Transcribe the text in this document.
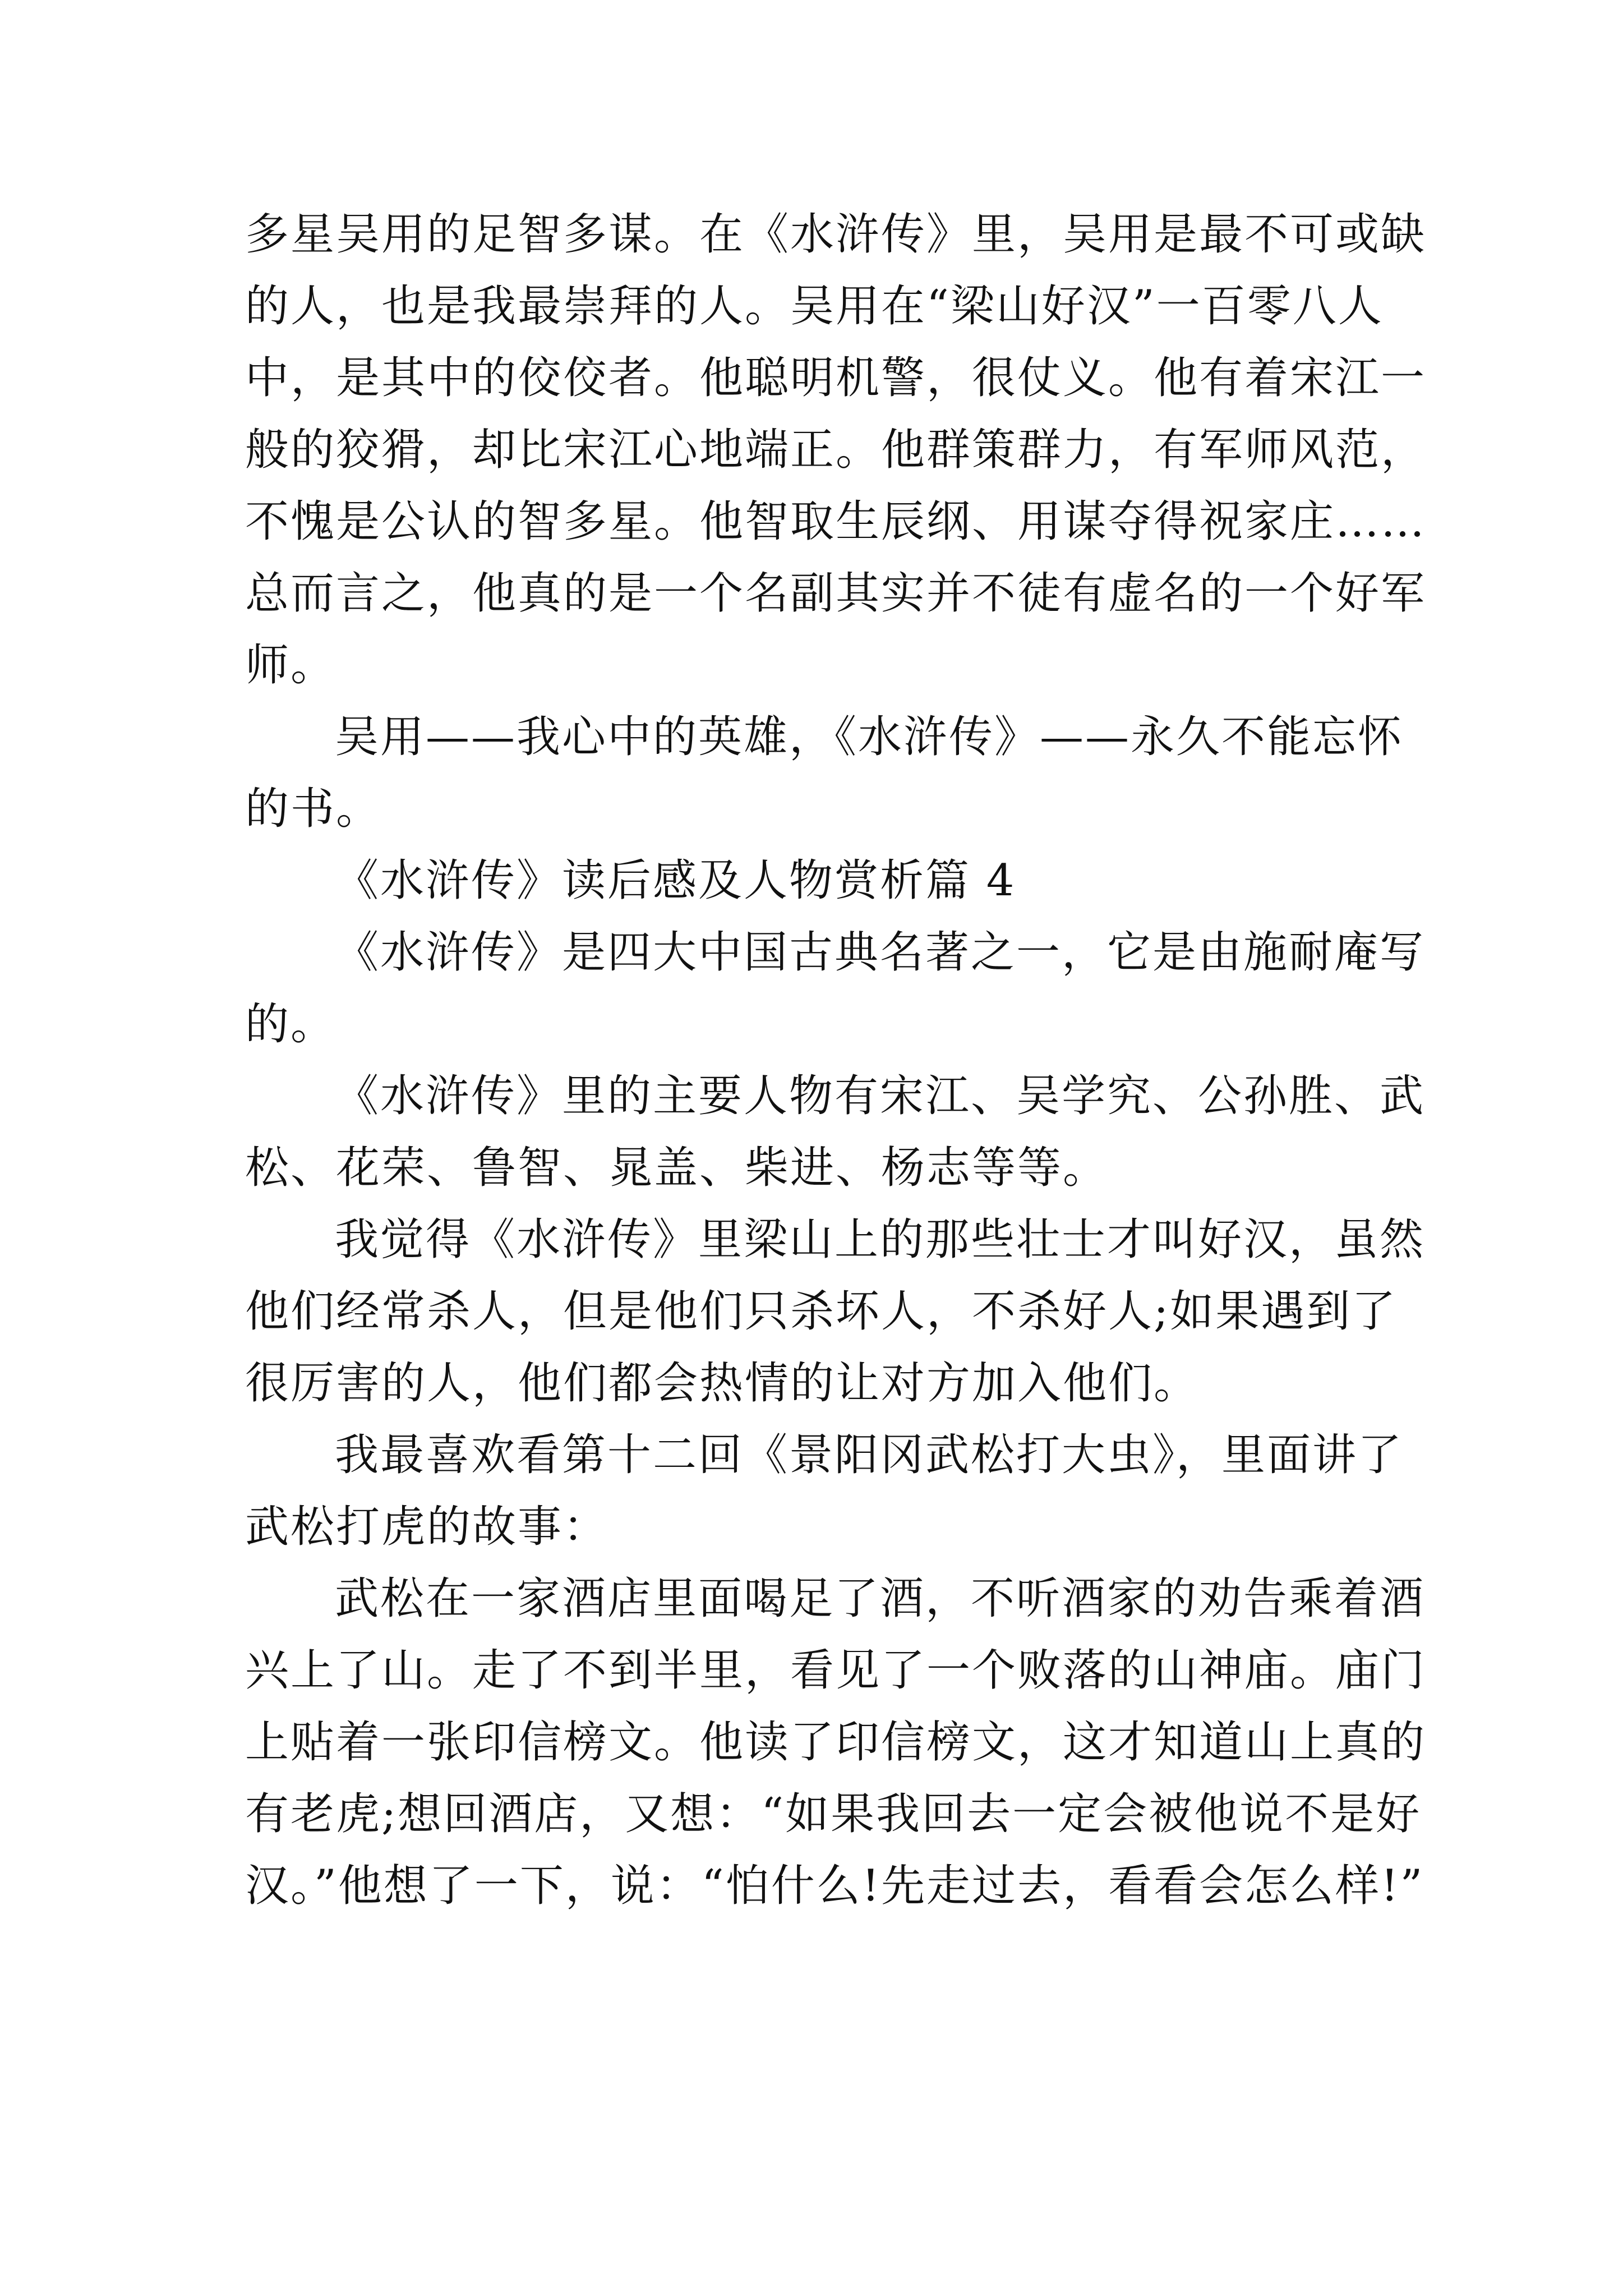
多星吴用的足智多谋。在《水浒传》里，吴用是最不可或缺
的人，也是我最崇拜的人。吴用在“梁山好汉”一百零八人
中，是其中的佼佼者。他聪明机警，很仗义。他有着宋江一
般的狡猾，却比宋江心地端正。他群策群力，有军师风范，
不愧是公认的智多星。他智取生辰纲、用谋夺得祝家庄……
总而言之，他真的是一个名副其实并不徒有虚名的一个好军
师。
吴用——我心中的英雄，《水浒传》——永久不能忘怀
的书。
《水浒传》读后感及人物赏析篇 4
《水浒传》是四大中国古典名著之一，它是由施耐庵写
的。
《水浒传》里的主要人物有宋江、吴学究、公孙胜、武
松、花荣、鲁智、晁盖、柴进、杨志等等。
我觉得《水浒传》里梁山上的那些壮士才叫好汉，虽然
他们经常杀人，但是他们只杀坏人，不杀好人;如果遇到了
很厉害的人，他们都会热情的让对方加入他们。
我最喜欢看第十二回《景阳冈武松打大虫》，里面讲了
武松打虎的故事：
武松在一家酒店里面喝足了酒，不听酒家的劝告乘着酒
兴上了山。走了不到半里，看见了一个败落的山神庙。庙门
上贴着一张印信榜文。他读了印信榜文，这才知道山上真的
有老虎;想回酒店，又想：“如果我回去一定会被他说不是好
汉。”他想了一下，说：“怕什么!先走过去，看看会怎么样!”
